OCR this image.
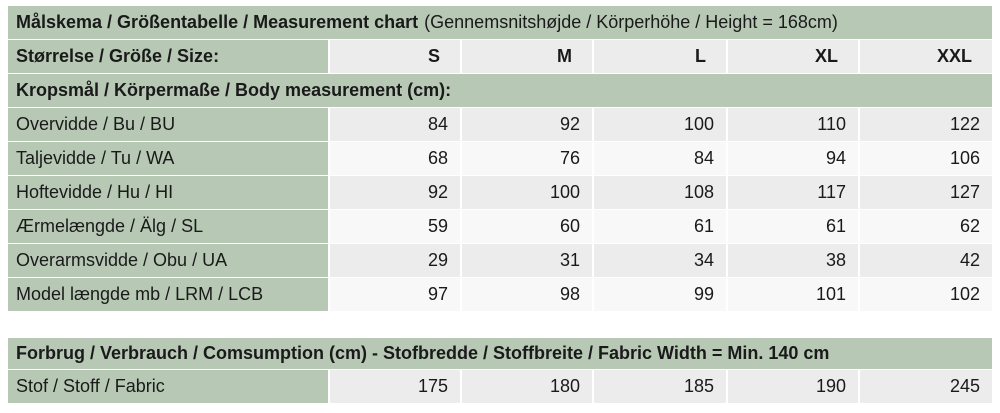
Målskema / Größentabelle / Measurement chart (Gennemsnitshøjde / Körperhöhe / Height = 168cm)
Størrelse / Größe / Size:	S	M	L	XL	XXL
Kropsmål / Körpermaße / Body measurement (cm):
Overvidde / Bu / BU	84	92	100	110	122
Taljevidde / Tu / WA	68	76	84	94	106
Hoftevidde / Hu / HI	92	100	108	117	127
Ærmelængde / Älg / SL	59	60	61	61	62
Overarmsvidde / Obu / UA	29	31	34	38	42
Model længde mb / LRM / LCB	97	98	99	101	102
Forbrug / Verbrauch / Comsumption (cm) - Stofbredde / Stoffbreite / Fabric Width = Min. 140 cm
Stof / Stoff / Fabric	175	180	185	190	245
